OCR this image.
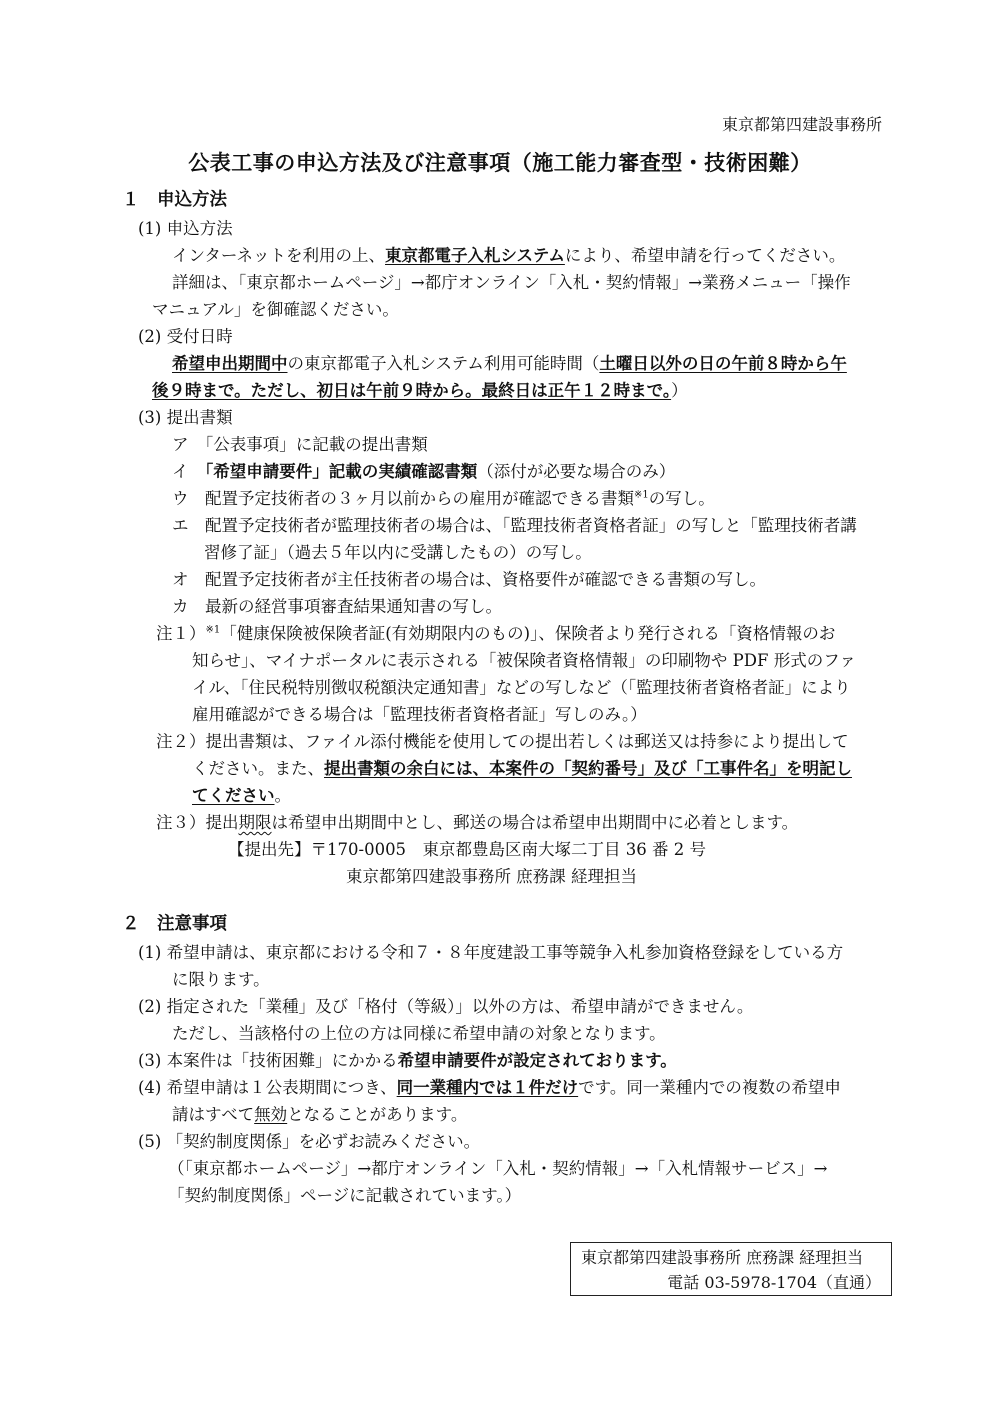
東京都第四建設事務所
公表工事の申込方法及び注意事項（施工能力審査型・技術困難）
１　申込方法
(1) 申込方法
インターネットを利用の上、東京都電子入札システムにより、希望申請を行ってください。
詳細は、「東京都ホームページ」→都庁オンライン「入札・契約情報」→業務メニュー「操作
マニュアル」を御確認ください。
(2) 受付日時
希望申出期間中の東京都電子入札システム利用可能時間（土曜日以外の日の午前８時から午
後９時まで。ただし、初日は午前９時から。最終日は正午１２時まで。）
(3) 提出書類
ア　「公表事項」に記載の提出書類
イ　「希望申請要件」記載の実績確認書類（添付が必要な場合のみ）
ウ　配置予定技術者の３ヶ月以前からの雇用が確認できる書類$^{※1}$の写し。
エ　配置予定技術者が監理技術者の場合は、「監理技術者資格者証」の写しと「監理技術者講
習修了証」（過去５年以内に受講したもの）の写し。
オ　配置予定技術者が主任技術者の場合は、資格要件が確認できる書類の写し。
カ　最新の経営事項審査結果通知書の写し。
注１）$^{※1}$「健康保険被保険者証(有効期限内のもの)」、保険者より発行される「資格情報のお
知らせ」、マイナポータルに表示される「被保険者資格情報」の印刷物や PDF 形式のファ
イル、「住民税特別徴収税額決定通知書」などの写しなど（「監理技術者資格者証」により
雇用確認ができる場合は「監理技術者資格者証」写しのみ。）
注２）提出書類は、ファイル添付機能を使用しての提出若しくは郵送又は持参により提出して
ください。また、提出書類の余白には、本案件の「契約番号」及び「工事件名」を明記し
てください。
注３）提出期限は希望申出期間中とし、郵送の場合は希望申出期間中に必着とします。
【提出先】〒170-0005　東京都豊島区南大塚二丁目 36 番 2 号
東京都第四建設事務所 庶務課 経理担当
２　注意事項
(1) 希望申請は、東京都における令和７・８年度建設工事等競争入札参加資格登録をしている方
に限ります。
(2) 指定された「業種」及び「格付（等級）」以外の方は、希望申請ができません。
ただし、当該格付の上位の方は同様に希望申請の対象となります。
(3) 本案件は「技術困難」にかかる希望申請要件が設定されております。
(4) 希望申請は１公表期間につき、同一業種内では１件だけです。同一業種内での複数の希望申
請はすべて無効となることがあります。
(5) 「契約制度関係」を必ずお読みください。
（「東京都ホームページ」→都庁オンライン「入札・契約情報」→「入札情報サービス」→
「契約制度関係」ページに記載されています。）
東京都第四建設事務所 庶務課 経理担当
電話 03-5978-1704（直通）
